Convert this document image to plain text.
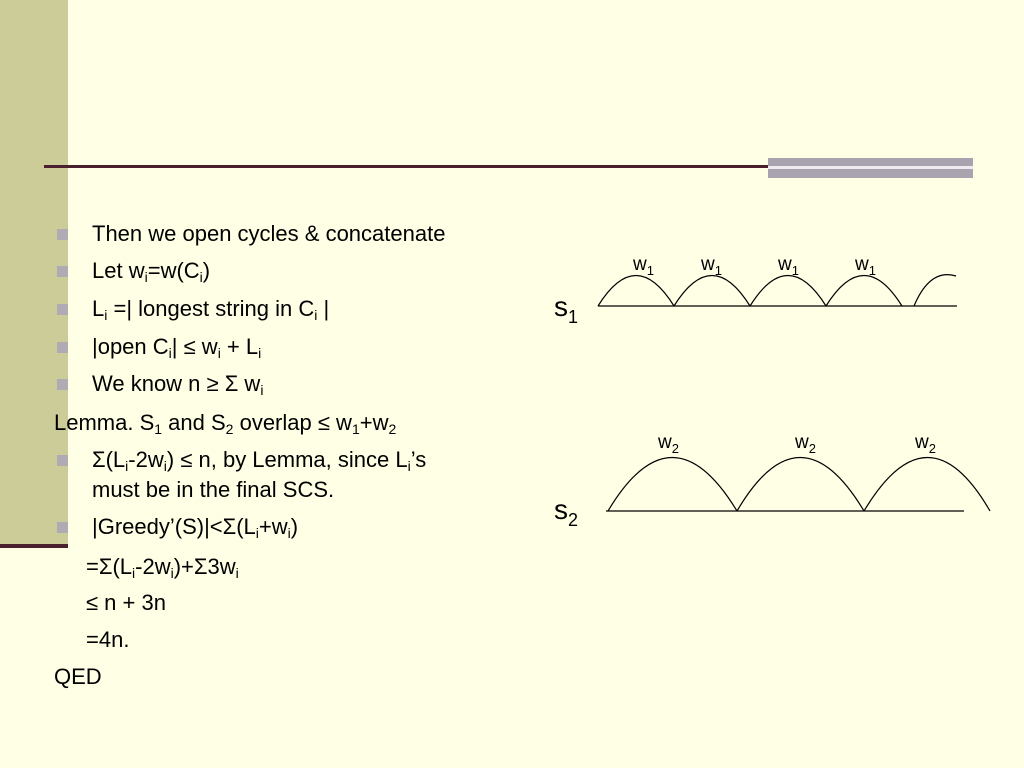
Then we open cycles & concatenate
Let $w_i=w(C_i)$
$L_i$ =| longest string in $C_i$ |
|open $C_i| \le w_i + L_i$
We know n ≥ Σ $w_i$
Lemma. $S_1$ and $S_2$ overlap ≤ $w_1+w_2$
$\Sigma(L_i-2w_i) \le n$, by Lemma, since $L_i’s$
must be in the final SCS.
$|Greedy’(S)|<\Sigma(L_i+w_i)$
$=\Sigma(L_i-2w_i)+\Sigma 3w_i$
≤ n + 3n
=4n.
QED
$s_1$
$w_1$ $w_1$	$w_1$	$w_1$
$s_2$
$w_2$	$w_2$	$w_2$
